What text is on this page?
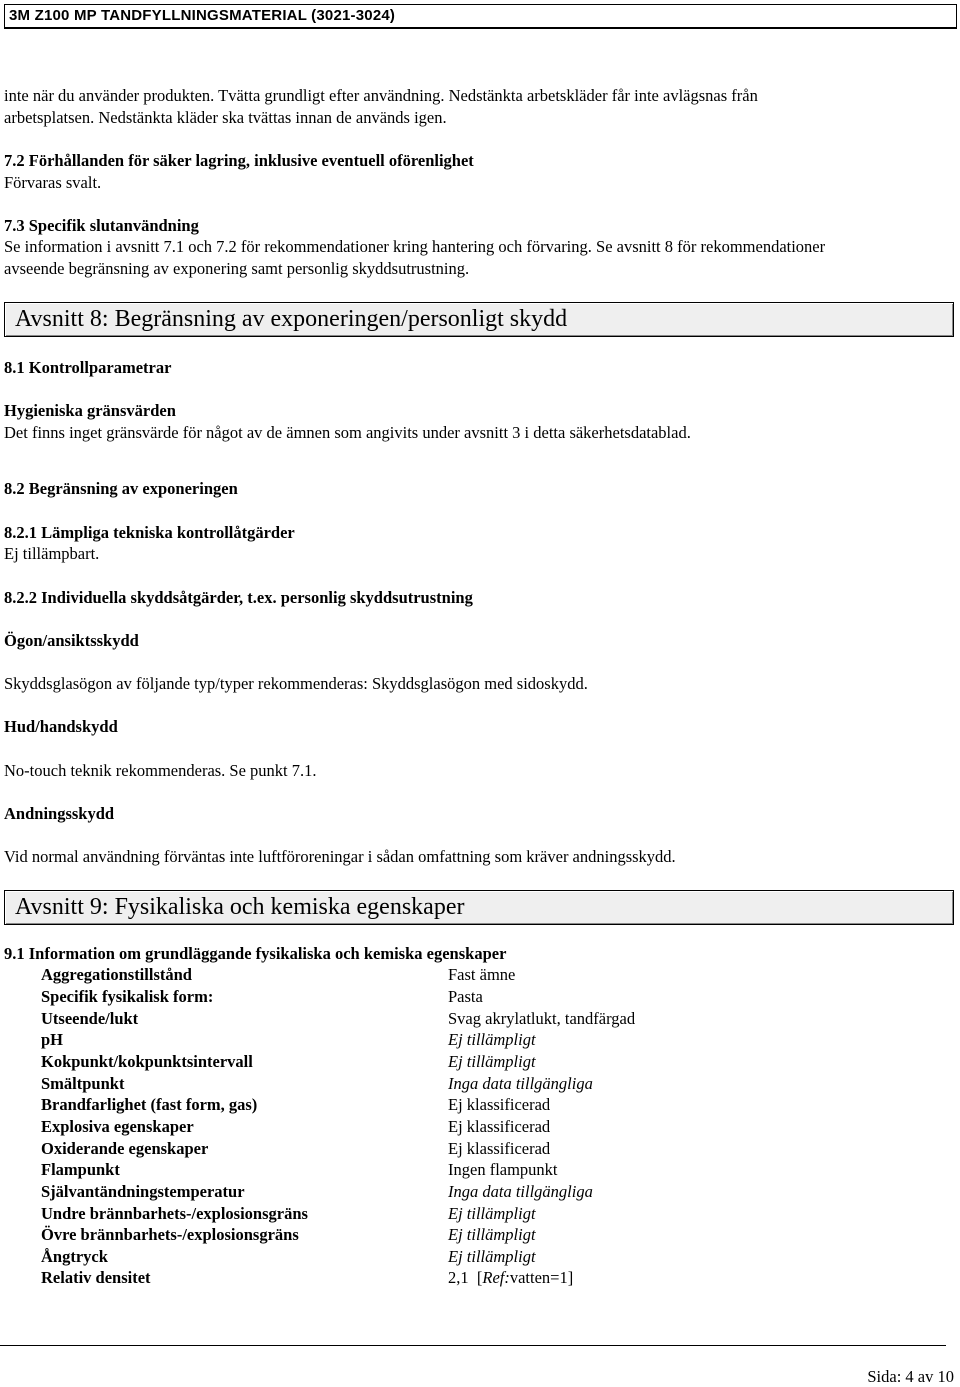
3M Z100 MP TANDFYLLNINGSMATERIAL (3021-3024)
inte när du använder produkten. Tvätta grundligt efter användning. Nedstänkta arbetskläder får inte avlägsnas från
arbetsplatsen. Nedstänkta kläder ska tvättas innan de används igen.
7.2 Förhållanden för säker lagring, inklusive eventuell oförenlighet
Förvaras svalt.
7.3 Specifik slutanvändning
Se information i avsnitt 7.1 och 7.2 för rekommendationer kring hantering och förvaring. Se avsnitt 8 för rekommendationer
avseende begränsning av exponering samt personlig skyddsutrustning.
Avsnitt 8: Begränsning av exponeringen/personligt skydd
8.1 Kontrollparametrar
Hygieniska gränsvärden
Det finns inget gränsvärde för något av de ämnen som angivits under avsnitt 3 i detta säkerhetsdatablad.
8.2 Begränsning av exponeringen
8.2.1 Lämpliga tekniska kontrollåtgärder
Ej tillämpbart.
8.2.2 Individuella skyddsåtgärder, t.ex. personlig skyddsutrustning
Ögon/ansiktsskydd
Skyddsglasögon av följande typ/typer rekommenderas: Skyddsglasögon med sidoskydd.
Hud/handskydd
No-touch teknik rekommenderas. Se punkt 7.1.
Andningsskydd
Vid normal användning förväntas inte luftföroreningar i sådan omfattning som kräver andningsskydd.
Avsnitt 9: Fysikaliska och kemiska egenskaper
9.1 Information om grundläggande fysikaliska och kemiska egenskaper
Aggregationstillstånd	Fast ämne
Specifik fysikalisk form:	Pasta
Utseende/lukt	Svag akrylatlukt, tandfärgad
pH	Ej tillämpligt
Kokpunkt/kokpunktsintervall	Ej tillämpligt
Smältpunkt	Inga data tillgängliga
Brandfarlighet (fast form, gas)	Ej klassificerad
Explosiva egenskaper	Ej klassificerad
Oxiderande egenskaper	Ej klassificerad
Flampunkt	Ingen flampunkt
Självantändningstemperatur	Inga data tillgängliga
Undre brännbarhets-/explosionsgräns	Ej tillämpligt
Övre brännbarhets-/explosionsgräns	Ej tillämpligt
Ångtryck	Ej tillämpligt
Relativ densitet	2,1 [Ref:vatten=1]
Sida: 4 av 10
